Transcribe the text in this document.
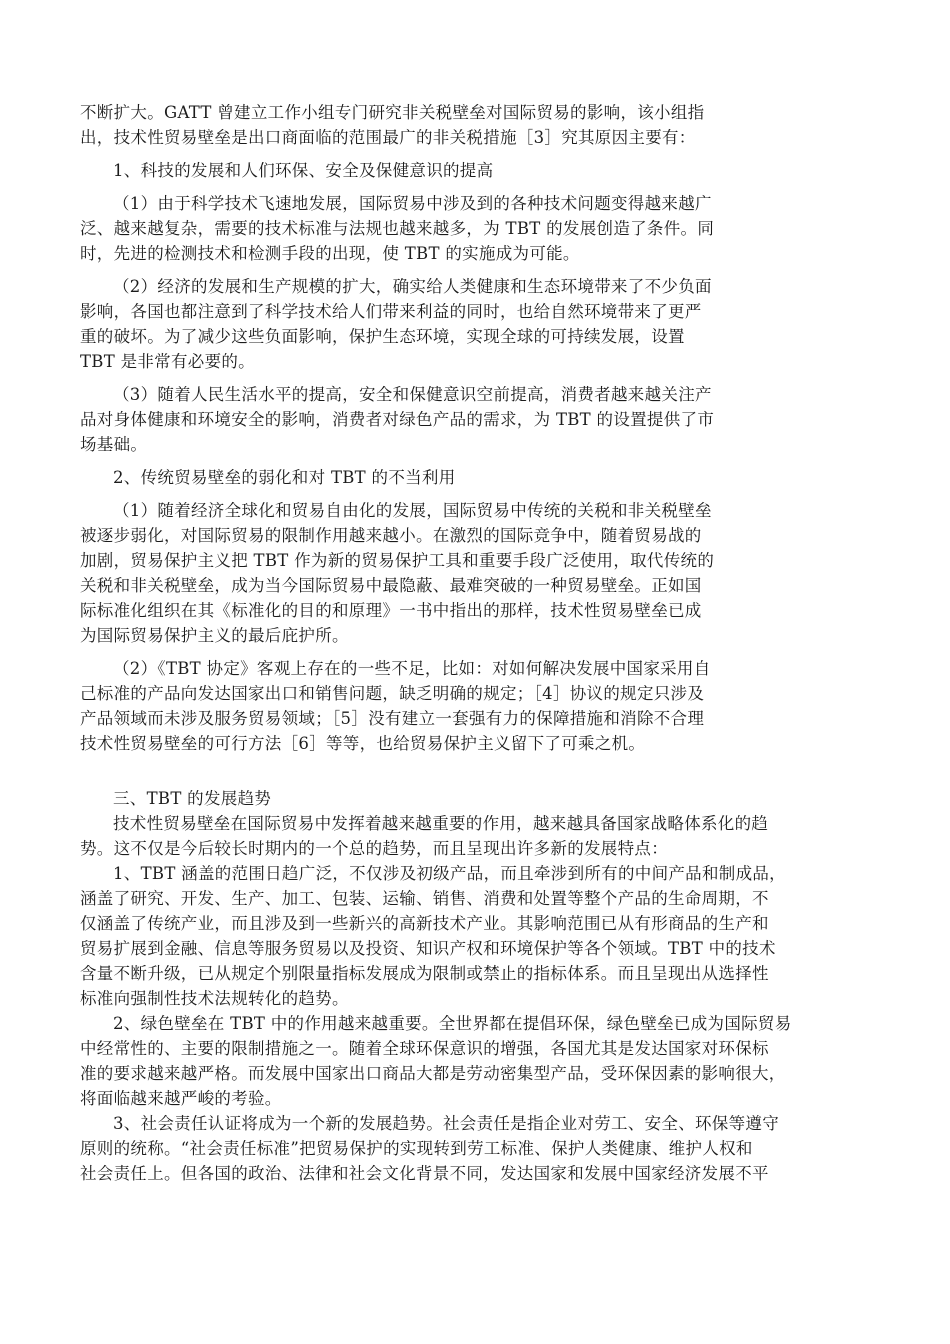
不断扩大。GATT 曾建立工作小组专门研究非关税壁垒对国际贸易的影响，该小组指
出，技术性贸易壁垒是出口商面临的范围最广的非关税措施［3］究其原因主要有：
1、科技的发展和人们环保、安全及保健意识的提高
（1）由于科学技术飞速地发展，国际贸易中涉及到的各种技术问题变得越来越广
泛、越来越复杂，需要的技术标准与法规也越来越多，为 TBT 的发展创造了条件。同
时，先进的检测技术和检测手段的出现，使 TBT 的实施成为可能。
（2）经济的发展和生产规模的扩大，确实给人类健康和生态环境带来了不少负面
影响，各国也都注意到了科学技术给人们带来利益的同时，也给自然环境带来了更严
重的破坏。为了减少这些负面影响，保护生态环境，实现全球的可持续发展，设置
TBT 是非常有必要的。
（3）随着人民生活水平的提高，安全和保健意识空前提高，消费者越来越关注产
品对身体健康和环境安全的影响，消费者对绿色产品的需求，为 TBT 的设置提供了市
场基础。
2、传统贸易壁垒的弱化和对 TBT 的不当利用
（1）随着经济全球化和贸易自由化的发展，国际贸易中传统的关税和非关税壁垒
被逐步弱化，对国际贸易的限制作用越来越小。在激烈的国际竞争中，随着贸易战的
加剧，贸易保护主义把 TBT 作为新的贸易保护工具和重要手段广泛使用，取代传统的
关税和非关税壁垒，成为当今国际贸易中最隐蔽、最难突破的一种贸易壁垒。正如国
际标准化组织在其《标准化的目的和原理》一书中指出的那样，技术性贸易壁垒已成
为国际贸易保护主义的最后庇护所。
（2）《TBT 协定》客观上存在的一些不足，比如：对如何解决发展中国家采用自
己标准的产品向发达国家出口和销售问题，缺乏明确的规定；［4］协议的规定只涉及
产品领域而未涉及服务贸易领域；［5］没有建立一套强有力的保障措施和消除不合理
技术性贸易壁垒的可行方法［6］等等，也给贸易保护主义留下了可乘之机。
三、TBT 的发展趋势
技术性贸易壁垒在国际贸易中发挥着越来越重要的作用，越来越具备国家战略体系化的趋
势。这不仅是今后较长时期内的一个总的趋势，而且呈现出许多新的发展特点：
1、TBT 涵盖的范围日趋广泛，不仅涉及初级产品，而且牵涉到所有的中间产品和制成品，
涵盖了研究、开发、生产、加工、包装、运输、销售、消费和处置等整个产品的生命周期，不
仅涵盖了传统产业，而且涉及到一些新兴的高新技术产业。其影响范围已从有形商品的生产和
贸易扩展到金融、信息等服务贸易以及投资、知识产权和环境保护等各个领域。TBT 中的技术
含量不断升级，已从规定个别限量指标发展成为限制或禁止的指标体系。而且呈现出从选择性
标准向强制性技术法规转化的趋势。
2、绿色壁垒在 TBT 中的作用越来越重要。全世界都在提倡环保，绿色壁垒已成为国际贸易
中经常性的、主要的限制措施之一。随着全球环保意识的增强，各国尤其是发达国家对环保标
准的要求越来越严格。而发展中国家出口商品大都是劳动密集型产品，受环保因素的影响很大，
将面临越来越严峻的考验。
3、社会责任认证将成为一个新的发展趋势。社会责任是指企业对劳工、安全、环保等遵守
原则的统称。“社会责任标准”把贸易保护的实现转到劳工标准、保护人类健康、维护人权和
社会责任上。但各国的政治、法律和社会文化背景不同，发达国家和发展中国家经济发展不平
